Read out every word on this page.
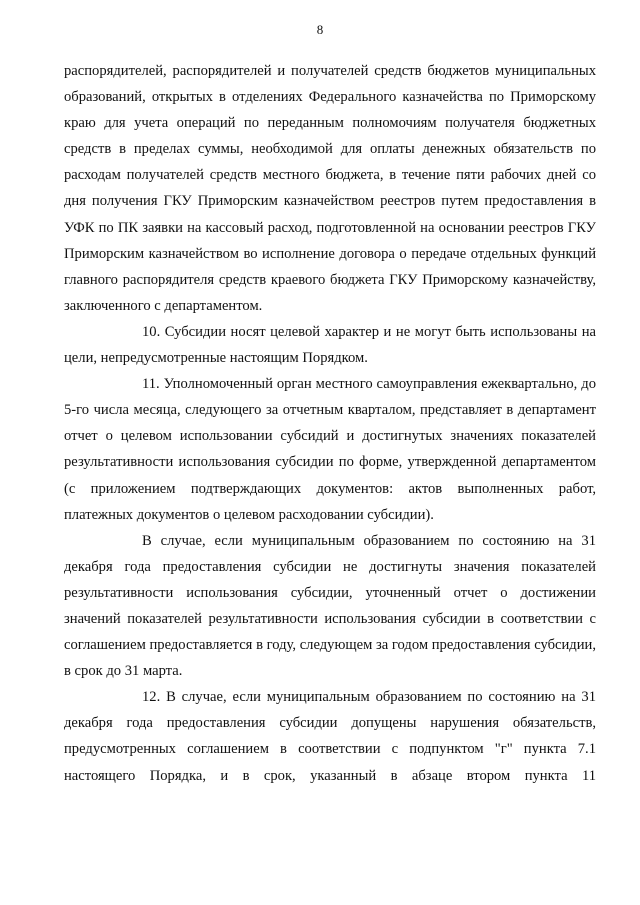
8

распорядителей, распорядителей и получателей средств бюджетов муниципальных образований, открытых в отделениях Федерального казначейства по Приморскому краю для учета операций по переданным полномочиям получателя бюджетных средств в пределах суммы, необходимой для оплаты денежных обязательств по расходам получателей средств местного бюджета, в течение пяти рабочих дней со дня получения ГКУ Приморским казначейством реестров путем предоставления в УФК по ПК заявки на кассовый расход, подготовленной на основании реестров ГКУ Приморским казначейством во исполнение договора о передаче отдельных функций главного распорядителя средств краевого бюджета ГКУ Приморскому казначейству, заключенного с департаментом.

10. Субсидии носят целевой характер и не могут быть использованы на цели, непредусмотренные настоящим Порядком.

11. Уполномоченный орган местного самоуправления ежеквартально, до 5-го числа месяца, следующего за отчетным кварталом, представляет в департамент отчет о целевом использовании субсидий и достигнутых значениях показателей результативности использования субсидии по форме, утвержденной департаментом (с приложением подтверждающих документов: актов выполненных работ, платежных документов о целевом расходовании субсидии).

В случае, если муниципальным образованием по состоянию на 31 декабря года предоставления субсидии не достигнуты значения показателей результативности использования субсидии, уточненный отчет о достижении значений показателей результативности использования субсидии в соответствии с соглашением предоставляется в году, следующем за годом предоставления субсидии, в срок до 31 марта.

12. В случае, если муниципальным образованием по состоянию на 31 декабря года предоставления субсидии допущены нарушения обязательств, предусмотренных соглашением в соответствии с подпунктом "г" пункта 7.1 настоящего Порядка, и в срок, указанный в абзаце втором пункта 11
